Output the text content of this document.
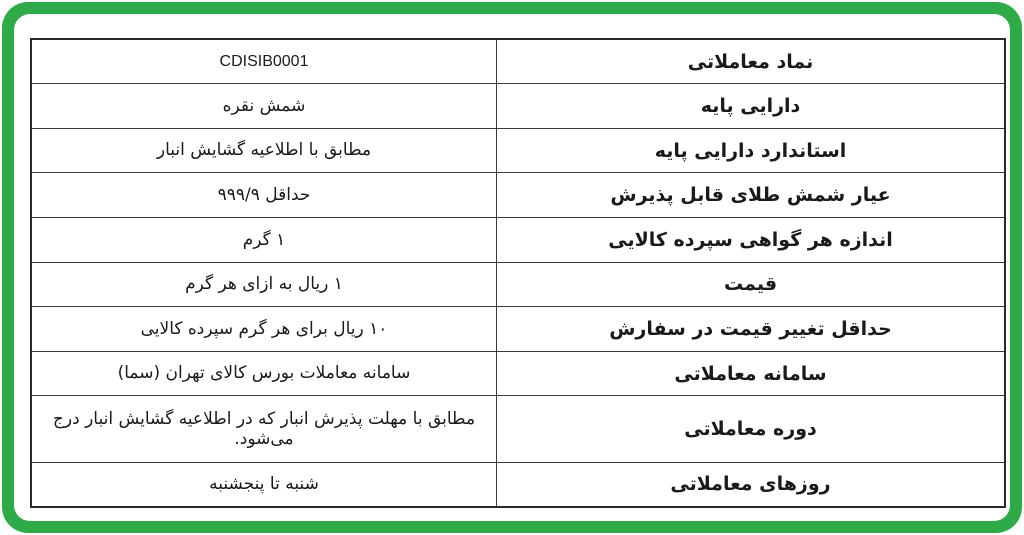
نماد معاملاتی	CDISIB0001
دارایی پایه	شمش نقره
استاندارد دارایی پایه	مطابق با اطلاعیه گشایش انبار
عیار شمش طلای قابل پذیرش	حداقل ۹۹۹/۹
اندازه هر گواهی سپرده کالایی	۱ گرم
قیمت	۱ ریال به ازای هر گرم
حداقل تغییر قیمت در سفارش	۱۰ ریال برای هر گرم سپرده کالایی
سامانه معاملاتی	سامانه معاملات بورس کالای تهران (سما)
دوره معاملاتی	مطابق با مهلت پذیرش انبار که در اطلاعیه گشایش انبار درج می‌شود.
روزهای معاملاتی	شنبه تا پنجشنبه
